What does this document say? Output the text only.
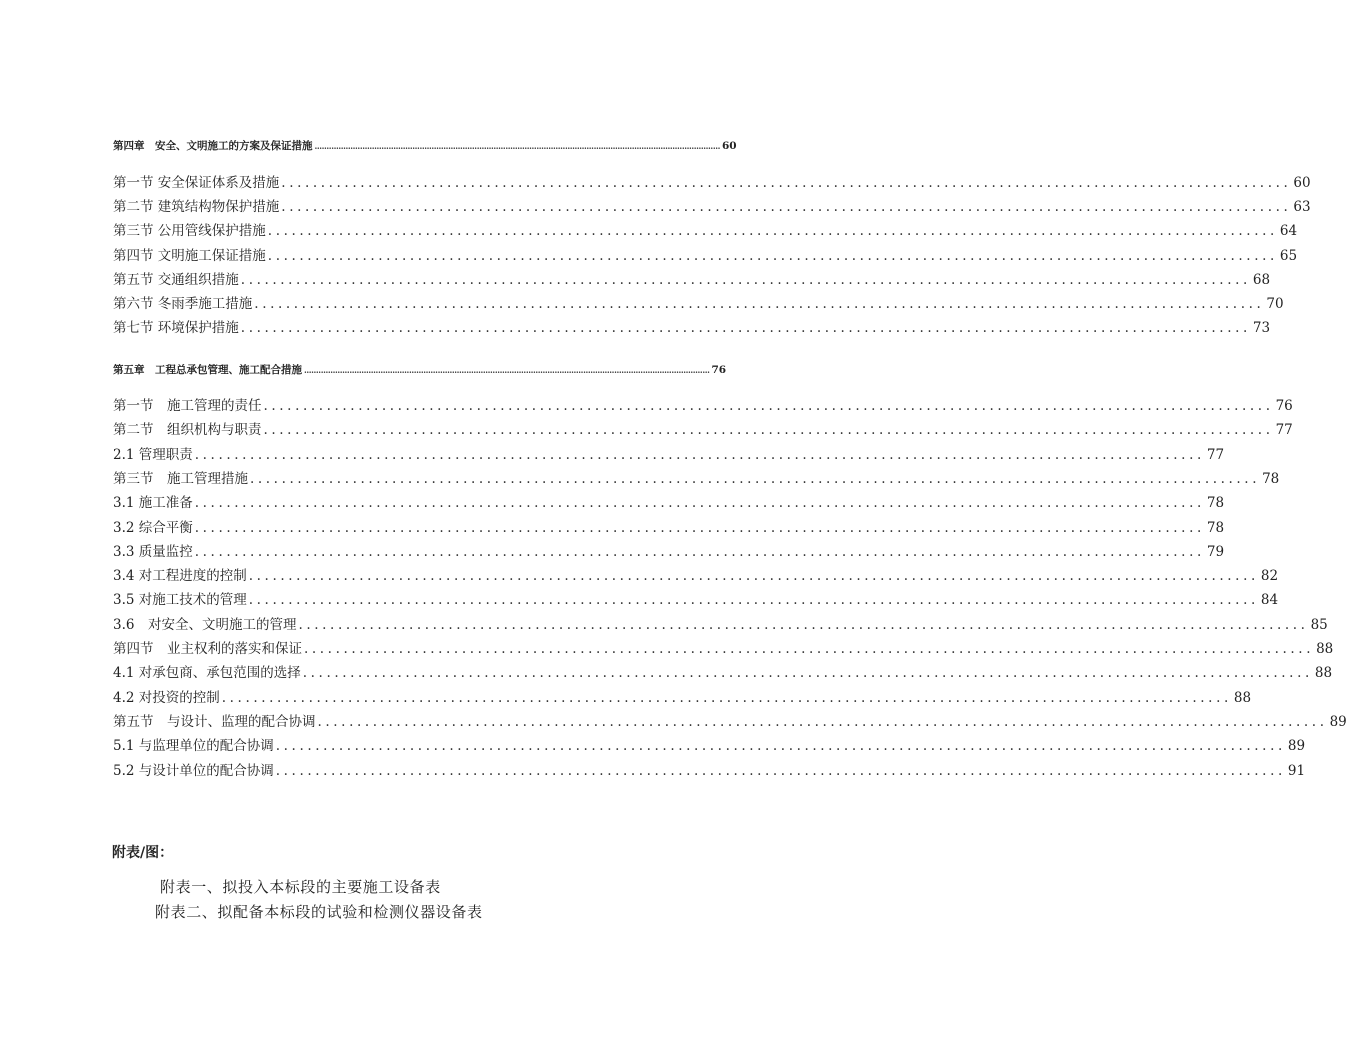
第四章　安全、文明施工的方案及保证措施 .......................................................................................................................................................................... 60
第一节 安全保证体系及措施 ................................................................................................................................ 60
第二节 建筑结构物保护措施 ................................................................................................................................ 63
第三节 公用管线保护措施 ................................................................................................................................ 64
第四节 文明施工保证措施 ................................................................................................................................ 65
第五节 交通组织措施 ................................................................................................................................ 68
第六节 冬雨季施工措施 ................................................................................................................................ 70
第七节 环境保护措施 ................................................................................................................................ 73
第五章　工程总承包管理、施工配合措施 .......................................................................................................................................................................... 76
第一节　施工管理的责任 ................................................................................................................................ 76
第二节　组织机构与职责 ................................................................................................................................ 77
2.1 管理职责 ................................................................................................................................ 77
第三节　施工管理措施 ................................................................................................................................ 78
3.1 施工准备 ................................................................................................................................ 78
3.2 综合平衡 ................................................................................................................................ 78
3.3 质量监控 ................................................................................................................................ 79
3.4 对工程进度的控制 ................................................................................................................................ 82
3.5 对施工技术的管理 ................................................................................................................................ 84
3.6　对安全、文明施工的管理 ................................................................................................................................ 85
第四节　业主权利的落实和保证 ................................................................................................................................ 88
4.1 对承包商、承包范围的选择 ................................................................................................................................ 88
4.2 对投资的控制 ................................................................................................................................ 88
第五节　与设计、监理的配合协调 ................................................................................................................................ 89
5.1 与监理单位的配合协调 ................................................................................................................................ 89
5.2 与设计单位的配合协调 ................................................................................................................................ 91
附表/图：
附表一、拟投入本标段的主要施工设备表
附表二、拟配备本标段的试验和检测仪器设备表
